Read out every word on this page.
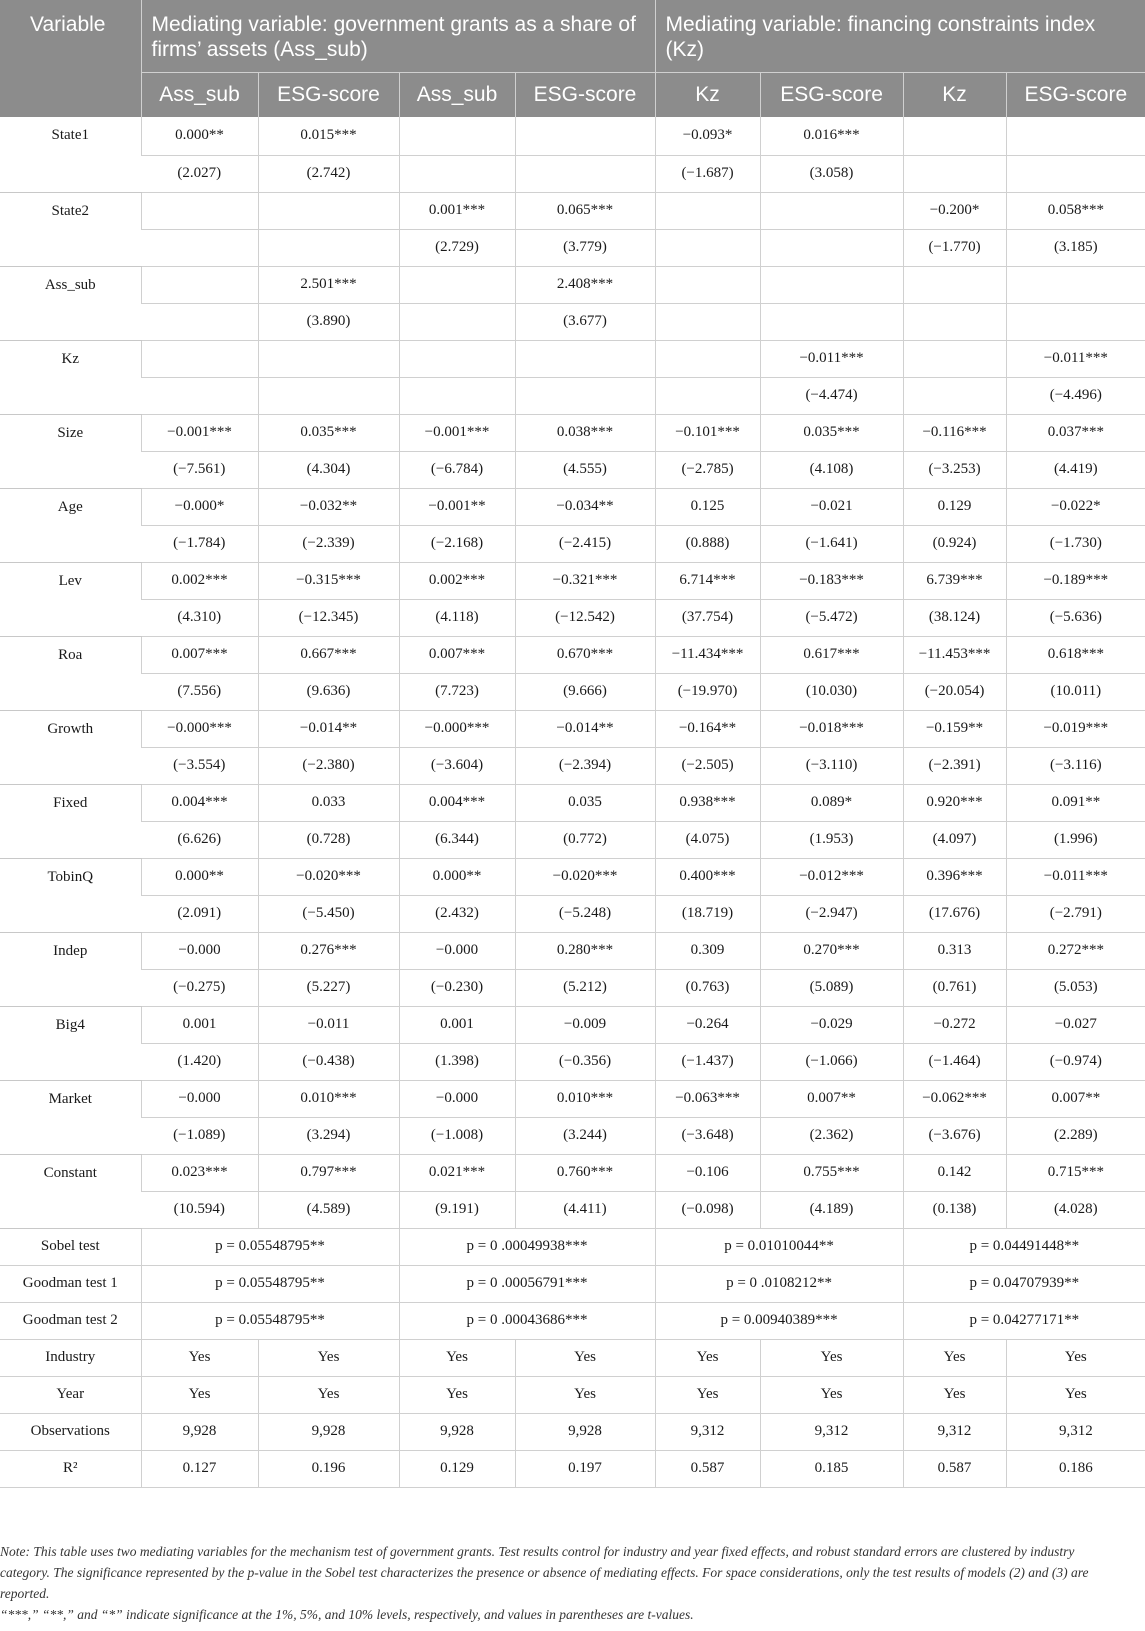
Variable	Mediating variable: government grants as a share of firms’ assets (Ass_sub)				Mediating variable: financing constraints index (Kz)			
	Ass_sub	ESG-score	Ass_sub	ESG-score	Kz	ESG-score	Kz	ESG-score
State1	0.000**	0.015***			−0.093*	0.016***		
	(2.027)	(2.742)			(−1.687)	(3.058)		
State2			0.001***	0.065***			−0.200*	0.058***
			(2.729)	(3.779)			(−1.770)	(3.185)
Ass_sub		2.501***		2.408***				
		(3.890)		(3.677)				
Kz						−0.011***		−0.011***
						(−4.474)		(−4.496)
Size	−0.001***	0.035***	−0.001***	0.038***	−0.101***	0.035***	−0.116***	0.037***
	(−7.561)	(4.304)	(−6.784)	(4.555)	(−2.785)	(4.108)	(−3.253)	(4.419)
Age	−0.000*	−0.032**	−0.001**	−0.034**	0.125	−0.021	0.129	−0.022*
	(−1.784)	(−2.339)	(−2.168)	(−2.415)	(0.888)	(−1.641)	(0.924)	(−1.730)
Lev	0.002***	−0.315***	0.002***	−0.321***	6.714***	−0.183***	6.739***	−0.189***
	(4.310)	(−12.345)	(4.118)	(−12.542)	(37.754)	(−5.472)	(38.124)	(−5.636)
Roa	0.007***	0.667***	0.007***	0.670***	−11.434***	0.617***	−11.453***	0.618***
	(7.556)	(9.636)	(7.723)	(9.666)	(−19.970)	(10.030)	(−20.054)	(10.011)
Growth	−0.000***	−0.014**	−0.000***	−0.014**	−0.164**	−0.018***	−0.159**	−0.019***
	(−3.554)	(−2.380)	(−3.604)	(−2.394)	(−2.505)	(−3.110)	(−2.391)	(−3.116)
Fixed	0.004***	0.033	0.004***	0.035	0.938***	0.089*	0.920***	0.091**
	(6.626)	(0.728)	(6.344)	(0.772)	(4.075)	(1.953)	(4.097)	(1.996)
TobinQ	0.000**	−0.020***	0.000**	−0.020***	0.400***	−0.012***	0.396***	−0.011***
	(2.091)	(−5.450)	(2.432)	(−5.248)	(18.719)	(−2.947)	(17.676)	(−2.791)
Indep	−0.000	0.276***	−0.000	0.280***	0.309	0.270***	0.313	0.272***
	(−0.275)	(5.227)	(−0.230)	(5.212)	(0.763)	(5.089)	(0.761)	(5.053)
Big4	0.001	−0.011	0.001	−0.009	−0.264	−0.029	−0.272	−0.027
	(1.420)	(−0.438)	(1.398)	(−0.356)	(−1.437)	(−1.066)	(−1.464)	(−0.974)
Market	−0.000	0.010***	−0.000	0.010***	−0.063***	0.007**	−0.062***	0.007**
	(−1.089)	(3.294)	(−1.008)	(3.244)	(−3.648)	(2.362)	(−3.676)	(2.289)
Constant	0.023***	0.797***	0.021***	0.760***	−0.106	0.755***	0.142	0.715***
	(10.594)	(4.589)	(9.191)	(4.411)	(−0.098)	(4.189)	(0.138)	(4.028)
Sobel test	p = 0.05548795**		p = 0 .00049938***		p = 0.01010044**		p = 0.04491448**	
Goodman test 1	p = 0.05548795**		p = 0 .00056791***		p = 0 .0108212**		p = 0.04707939**	
Goodman test 2	p = 0.05548795**		p = 0 .00043686***		p = 0.00940389***		p = 0.04277171**	
Industry	Yes	Yes	Yes	Yes	Yes	Yes	Yes	Yes
Year	Yes	Yes	Yes	Yes	Yes	Yes	Yes	Yes
Observations	9,928	9,928	9,928	9,928	9,312	9,312	9,312	9,312
R²	0.127	0.196	0.129	0.197	0.587	0.185	0.587	0.186
Note: This table uses two mediating variables for the mechanism test of government grants. Test results control for industry and year fixed effects, and robust standard errors are clustered by industry category. The significance represented by the p-value in the Sobel test characterizes the presence or absence of mediating effects. For space considerations, only the test results of models (2) and (3) are reported.
“***,” “**,” and “*” indicate significance at the 1%, 5%, and 10% levels, respectively, and values in parentheses are t-values.
